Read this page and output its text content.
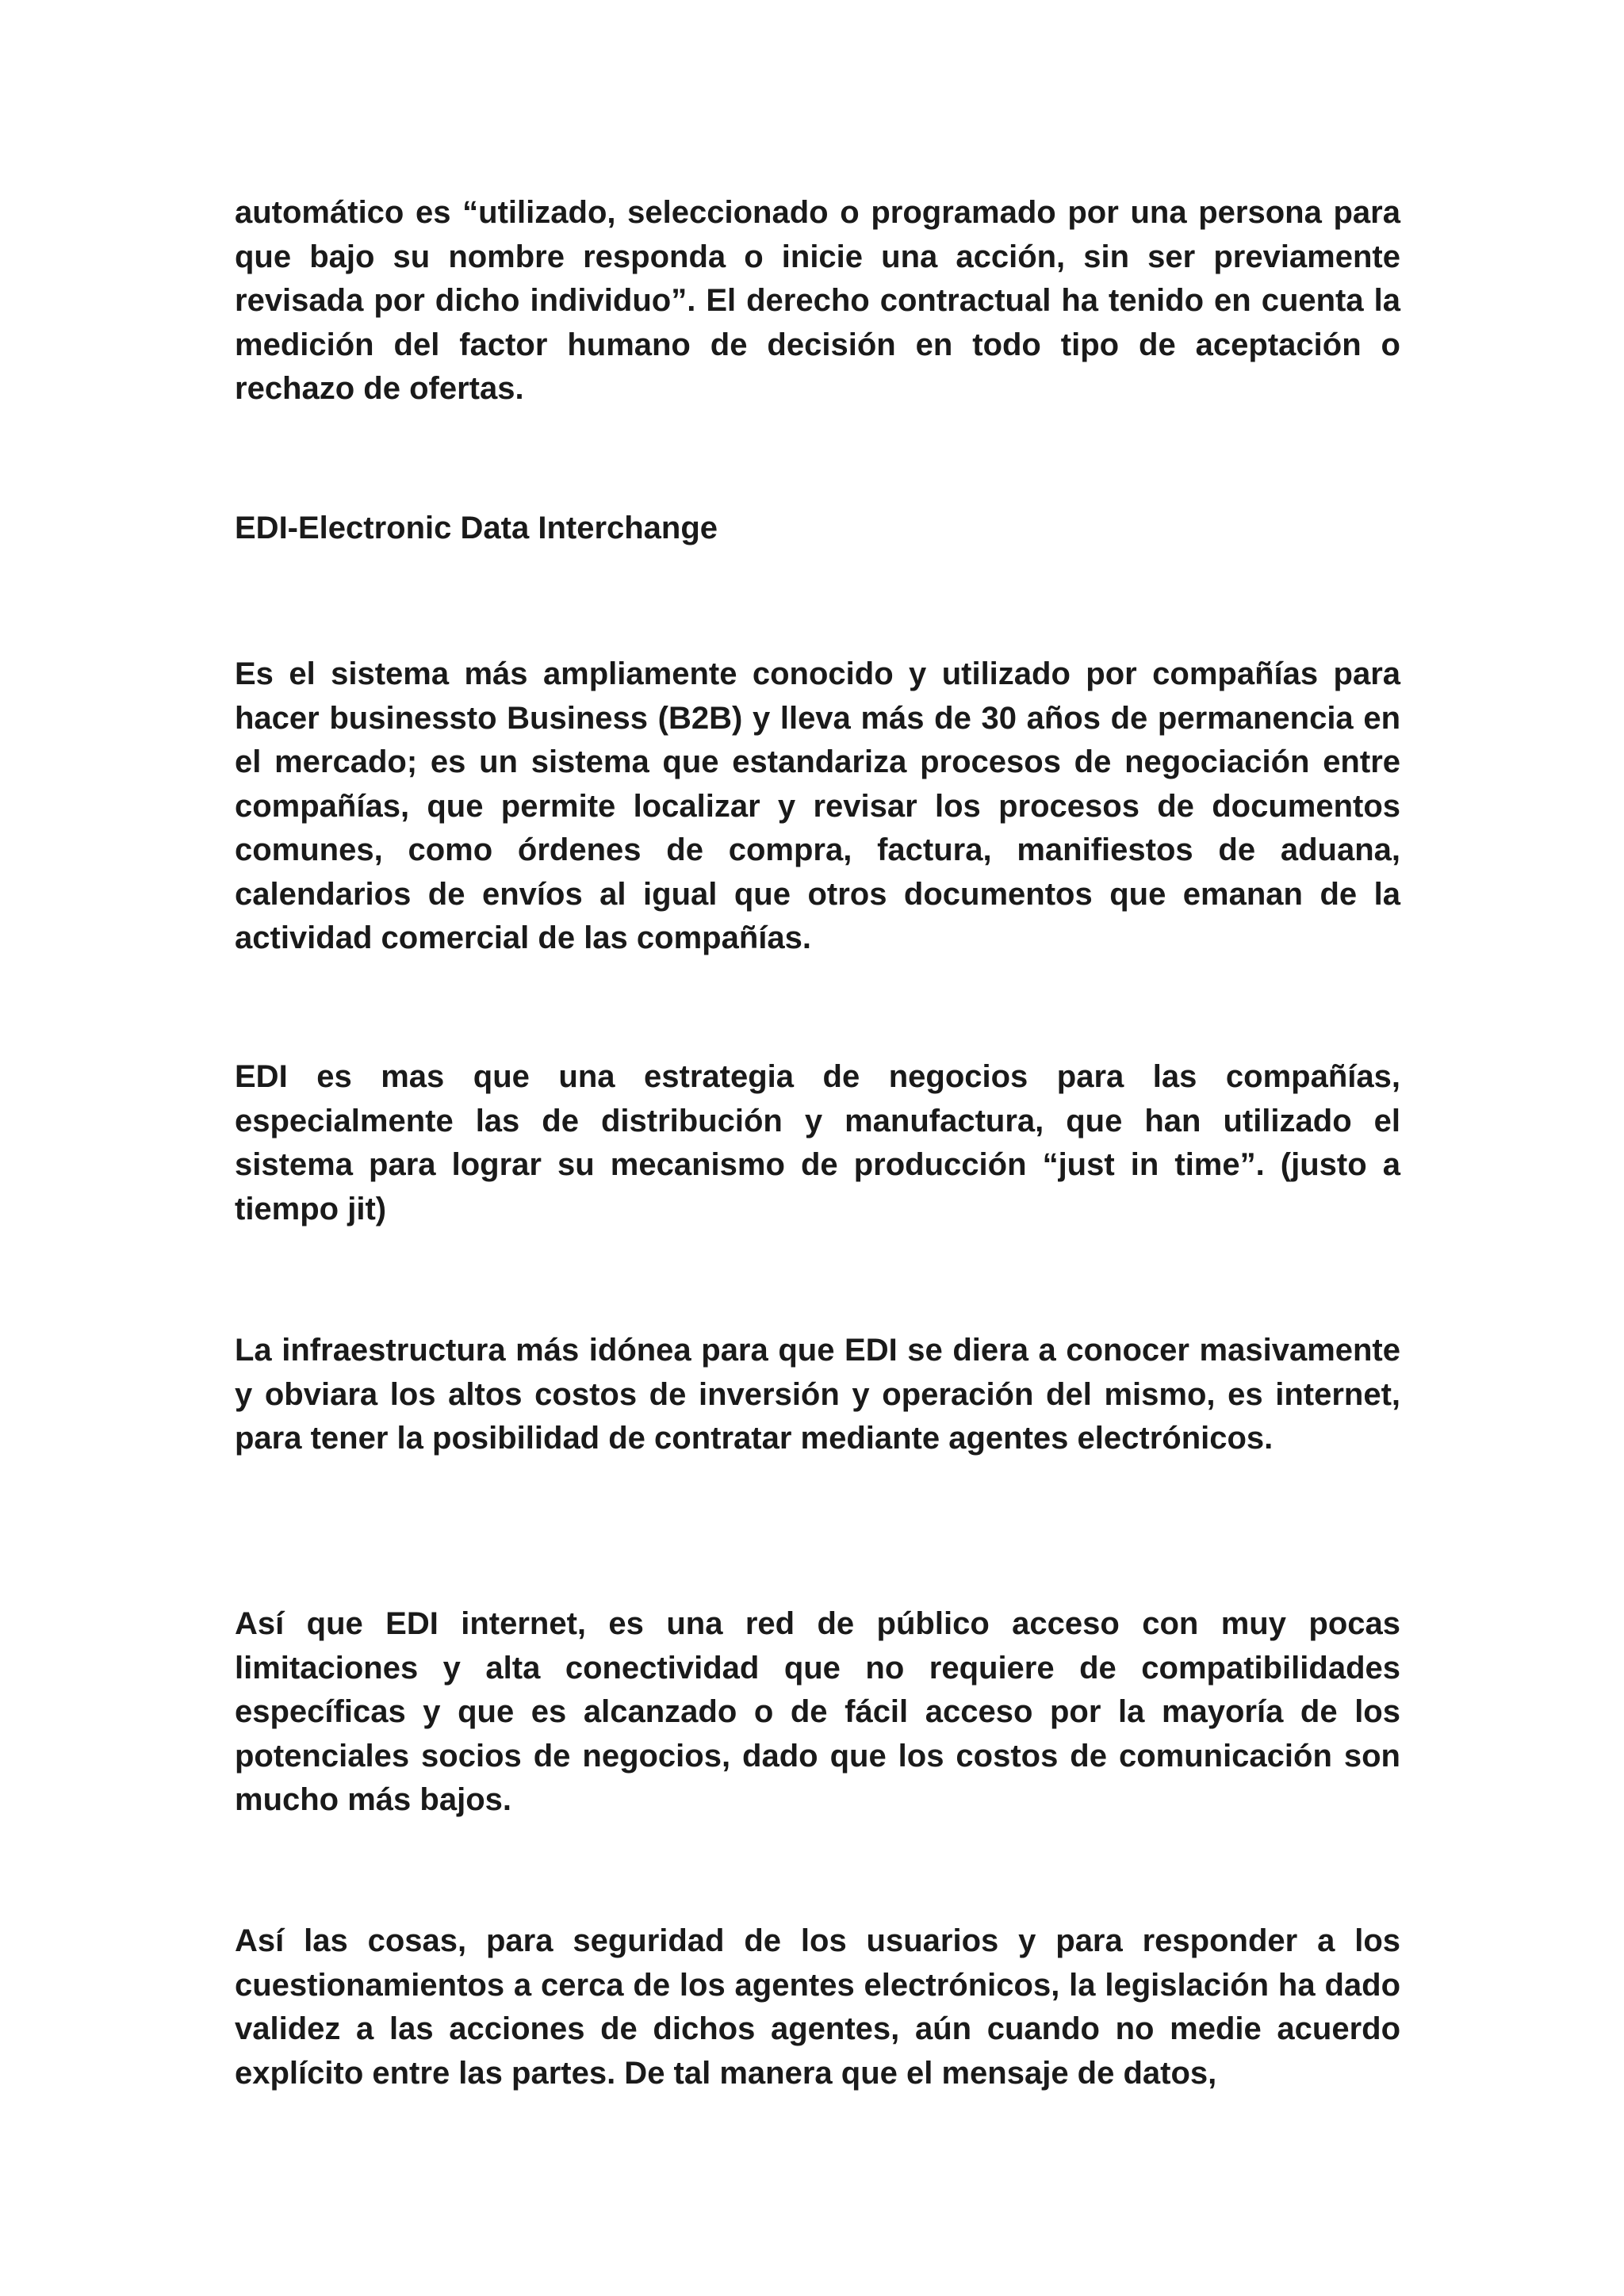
automático es “utilizado, seleccionado o programado por una persona para que bajo su nombre responda o inicie una acción, sin ser previamente revisada por dicho individuo”. El derecho contractual ha tenido en cuenta la medición del factor humano de decisión en todo tipo de aceptación o rechazo de ofertas.

EDI-Electronic Data Interchange

Es el sistema más ampliamente conocido y utilizado por compañías para hacer businessto Business (B2B) y lleva más de 30 años de permanencia en el mercado; es un sistema que estandariza procesos de negociación entre compañías, que permite localizar y revisar los procesos de documentos comunes, como órdenes de compra, factura, manifiestos de aduana, calendarios de envíos al igual que otros documentos que emanan de la actividad comercial de las compañías.

EDI es mas que una estrategia de negocios para las compañías, especialmente las de distribución y manufactura, que han utilizado el sistema para lograr su mecanismo de producción “just in time”. (justo a tiempo jit)

La infraestructura más idónea para que EDI se diera a conocer masivamente y obviara los altos costos de inversión y operación del mismo, es internet, para tener la posibilidad de contratar mediante agentes electrónicos.

Así que EDI internet, es una red de público acceso con muy pocas limitaciones y alta conectividad que no requiere de compatibilidades específicas y que es alcanzado o de fácil acceso por la mayoría de los potenciales socios de negocios, dado que los costos de comunicación son mucho más bajos.

Así las cosas, para seguridad de los usuarios y para responder a los cuestionamientos a cerca de los agentes electrónicos, la legislación ha dado validez a las acciones de dichos agentes, aún cuando no medie acuerdo explícito entre las partes. De tal manera que el mensaje de datos,
